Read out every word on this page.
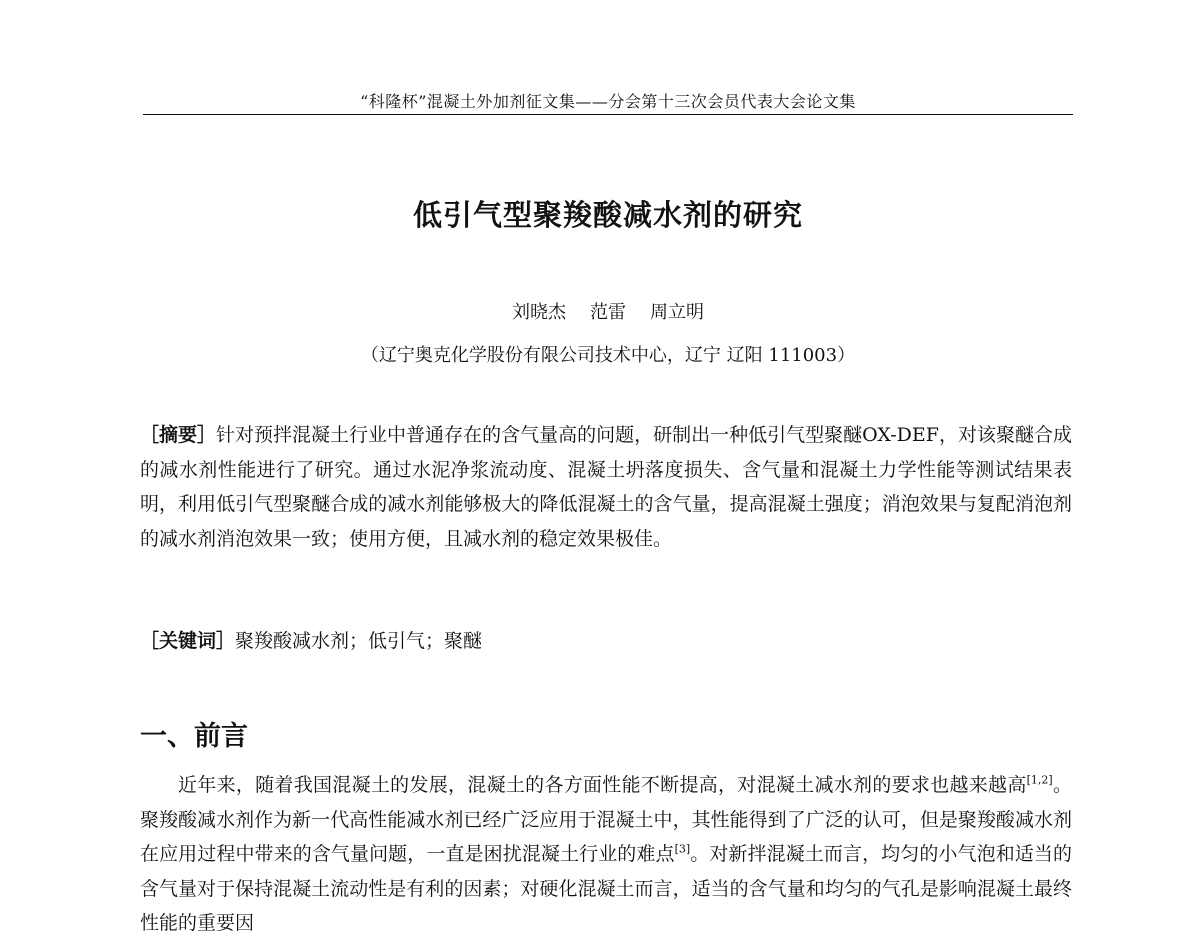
“科隆杯”混凝土外加剂征文集——分会第十三次会员代表大会论文集
低引气型聚羧酸减水剂的研究
刘晓杰 范雷 周立明
（辽宁奥克化学股份有限公司技术中心，辽宁 辽阳 111003）

［摘要］针对预拌混凝土行业中普通存在的含气量高的问题，研制出一种低引气型聚醚OX-DEF，对该聚醚合成的减水剂性能进行了研究。通过水泥净浆流动度、混凝土坍落度损失、含气量和混凝土力学性能等测试结果表明，利用低引气型聚醚合成的减水剂能够极大的降低混凝土的含气量，提高混凝土强度；消泡效果与复配消泡剂的减水剂消泡效果一致；使用方便，且减水剂的稳定效果极佳。

［关键词］聚羧酸减水剂；低引气；聚醚

一、前言

近年来，随着我国混凝土的发展，混凝土的各方面性能不断提高，对混凝土减水剂的要求也越来越高[1,2]。聚羧酸减水剂作为新一代高性能减水剂已经广泛应用于混凝土中，其性能得到了广泛的认可，但是聚羧酸减水剂在应用过程中带来的含气量问题，一直是困扰混凝土行业的难点[3]。对新拌混凝土而言，均匀的小气泡和适当的含气量对于保持混凝土流动性是有利的因素；对硬化混凝土而言，适当的含气量和均匀的气孔是影响混凝土最终性能的重要因
